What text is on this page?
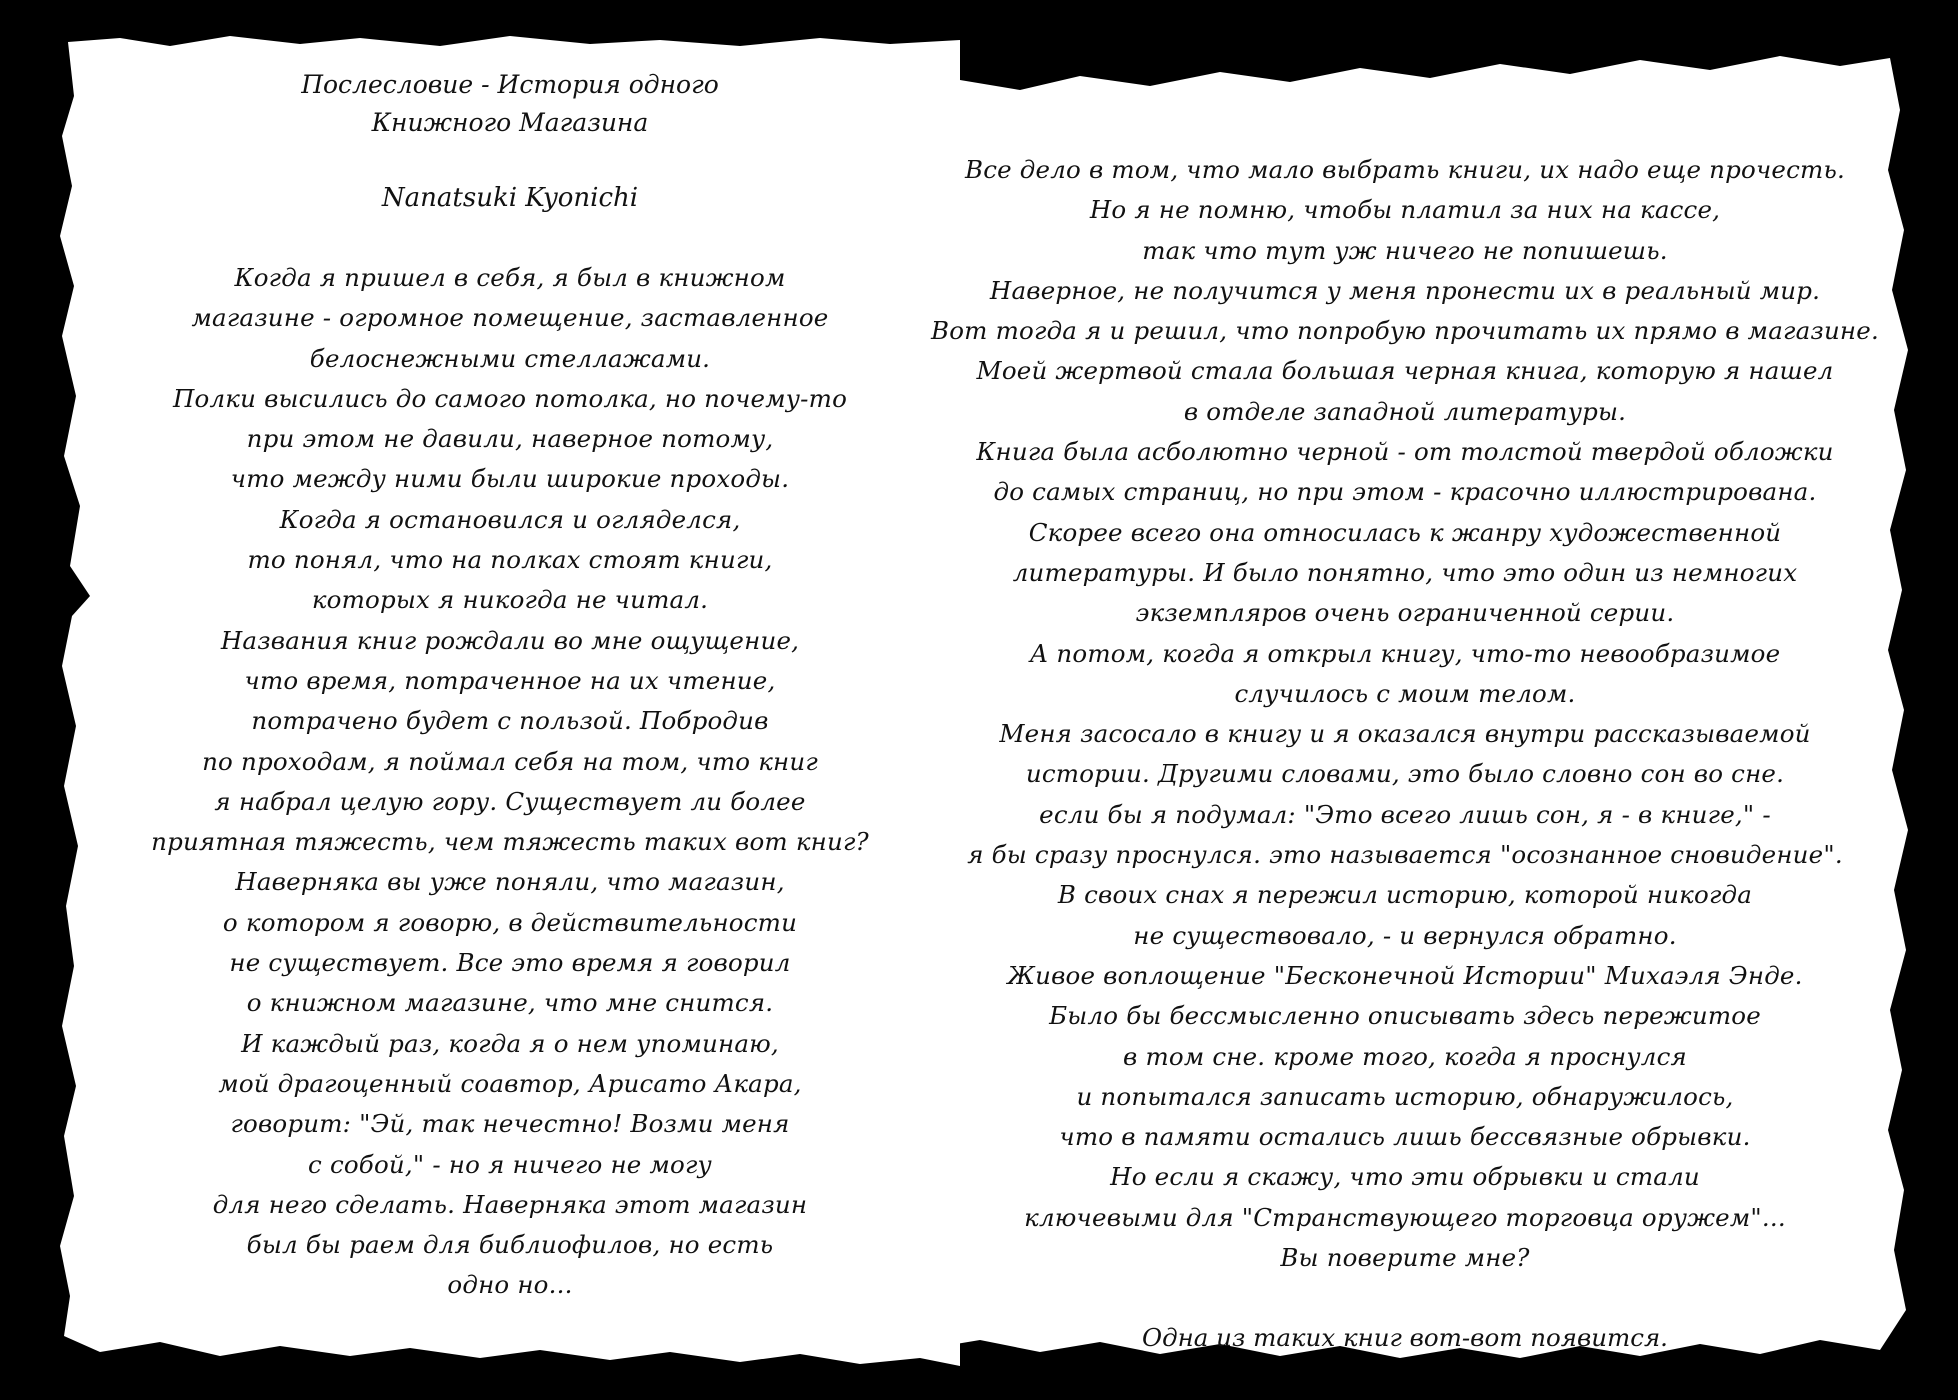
Послесловие - История одного
Книжного Магазина
Nanatsuki Kyonichi
Когда я пришел в себя, я был в книжном
магазине - огромное помещение, заставленное
белоснежными стеллажами.
Полки высились до самого потолка, но почему-то
при этом не давили, наверное потому,
что между ними были широкие проходы.
Когда я остановился и огляделся,
то понял, что на полках стоят книги,
которых я никогда не читал.
Названия книг рождали во мне ощущение,
что время, потраченное на их чтение,
потрачено будет с пользой. Побродив
по проходам, я поймал себя на том, что книг
я набрал целую гору. Существует ли более
приятная тяжесть, чем тяжесть таких вот книг?
Наверняка вы уже поняли, что магазин,
о котором я говорю, в действительности
не существует. Все это время я говорил
о книжном магазине, что мне снится.
И каждый раз, когда я о нем упоминаю,
мой драгоценный соавтор, Арисато Акара,
говорит: "Эй, так нечестно! Возми меня
с собой," - но я ничего не могу
для него сделать. Наверняка этот магазин
был бы раем для библиофилов, но есть
одно но...
Все дело в том, что мало выбрать книги, их надо еще прочесть.
Но я не помню, чтобы платил за них на кассе,
так что тут уж ничего не попишешь.
Наверное, не получится у меня пронести их в реальный мир.
Вот тогда я и решил, что попробую прочитать их прямо в магазине.
Моей жертвой стала большая черная книга, которую я нашел
в отделе западной литературы.
Книга была асболютно черной - от толстой твердой обложки
до самых страниц, но при этом - красочно иллюстрирована.
Скорее всего она относилась к жанру художественной
литературы. И было понятно, что это один из немногих
экземпляров очень ограниченной серии.
А потом, когда я открыл книгу, что-то невообразимое
случилось с моим телом.
Меня засосало в книгу и я оказался внутри рассказываемой
истории. Другими словами, это было словно сон во сне.
если бы я подумал: "Это всего лишь сон, я - в книге," -
я бы сразу проснулся. это называется "осознанное сновидение".
В своих снах я пережил историю, которой никогда
не существовало, - и вернулся обратно.
Живое воплощение "Бесконечной Истории" Михаэля Энде.
Было бы бессмысленно описывать здесь пережитое
в том сне. кроме того, когда я проснулся
и попытался записать историю, обнаружилось,
что в памяти остались лишь бессвязные обрывки.
Но если я скажу, что эти обрывки и стали
ключевыми для "Странствующего торговца оружем"...
Вы поверите мне?
Одна из таких книг вот-вот появится.
